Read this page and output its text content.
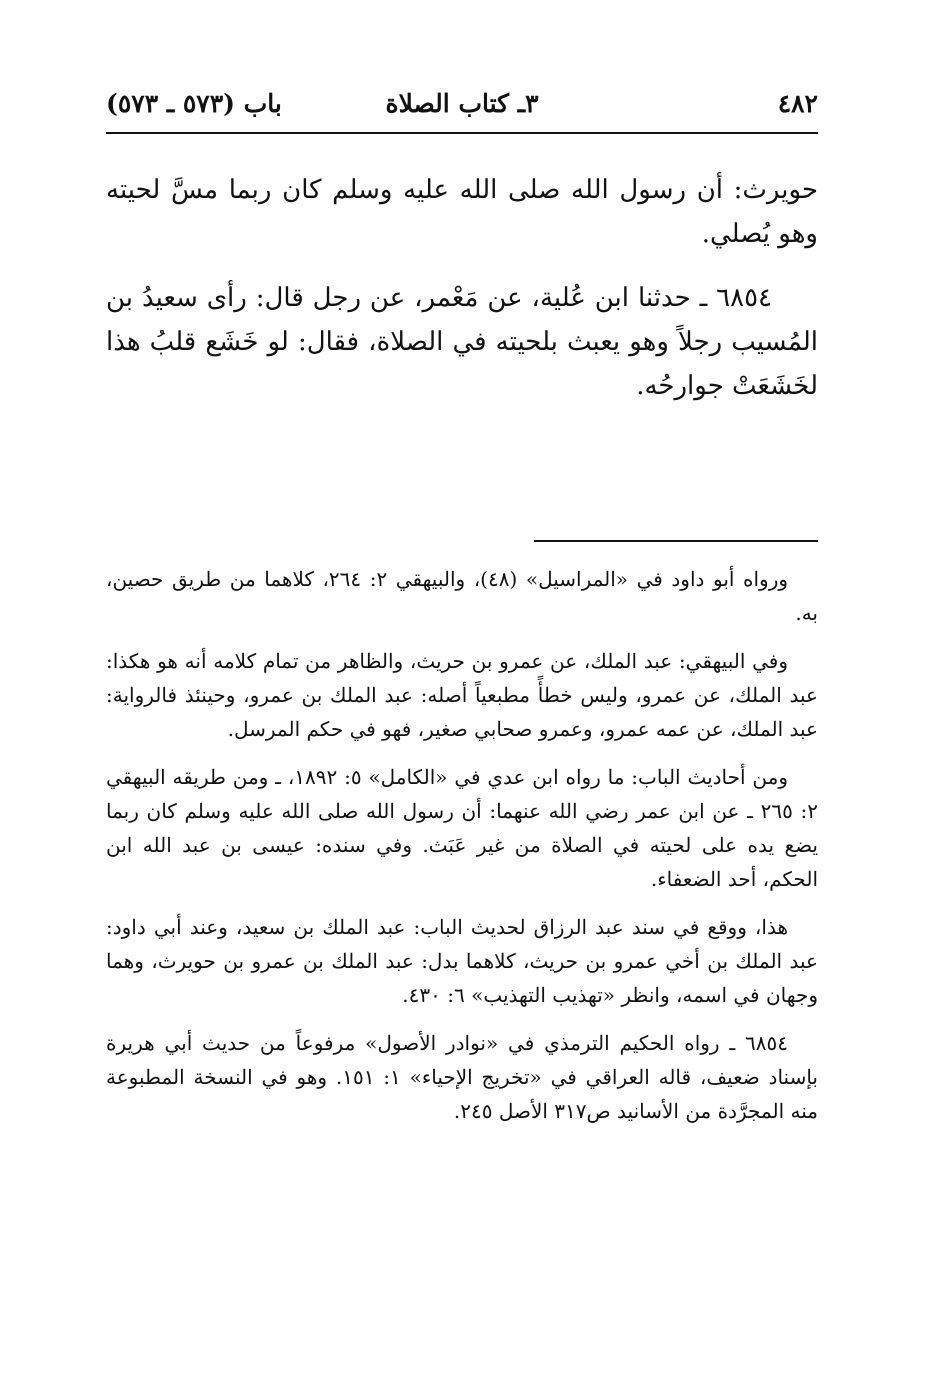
٤٨٢
٣ـ كتاب الصلاة
باب (٥٧٣ ـ ٥٧٣)

حويرث: أن رسول الله صلى الله عليه وسلم كان ربما مسَّ لحيته وهو يُصلي.

٦٨٥٤ ـ حدثنا ابن عُلية، عن مَعْمر، عن رجل قال: رأى سعيدُ بن المُسيب رجلاً وهو يعبث بلحيته في الصلاة، فقال: لو خَشَع قلبُ هذا لخَشَعَتْ جوارحُه.

ورواه أبو داود في «المراسيل» (٤٨)، والبيهقي ٢: ٢٦٤، كلاهما من طريق حصين، به.

وفي البيهقي: عبد الملك، عن عمرو بن حريث، والظاهر من تمام كلامه أنه هو هكذا: عبد الملك، عن عمرو، وليس خطأً مطبعياً أصله: عبد الملك بن عمرو، وحينئذ فالرواية: عبد الملك، عن عمه عمرو، وعمرو صحابي صغير، فهو في حكم المرسل.

ومن أحاديث الباب: ما رواه ابن عدي في «الكامل» ٥: ١٨٩٢، ـ ومن طريقه البيهقي ٢: ٢٦٥ ـ عن ابن عمر رضي الله عنهما: أن رسول الله صلى الله عليه وسلم كان ربما يضع يده على لحيته في الصلاة من غير عَبَث. وفي سنده: عيسى بن عبد الله ابن الحكم، أحد الضعفاء.

هذا، ووقع في سند عبد الرزاق لحديث الباب: عبد الملك بن سعيد، وعند أبي داود: عبد الملك بن أخي عمرو بن حريث، كلاهما بدل: عبد الملك بن عمرو بن حويرث، وهما وجهان في اسمه، وانظر «تهذيب التهذيب» ٦: ٤٣٠.

٦٨٥٤ ـ رواه الحكيم الترمذي في «نوادر الأصول» مرفوعاً من حديث أبي هريرة بإسناد ضعيف، قاله العراقي في «تخريج الإحياء» ١: ١٥١. وهو في النسخة المطبوعة منه المجرَّدة من الأسانيد ص٣١٧ الأصل ٢٤٥.
